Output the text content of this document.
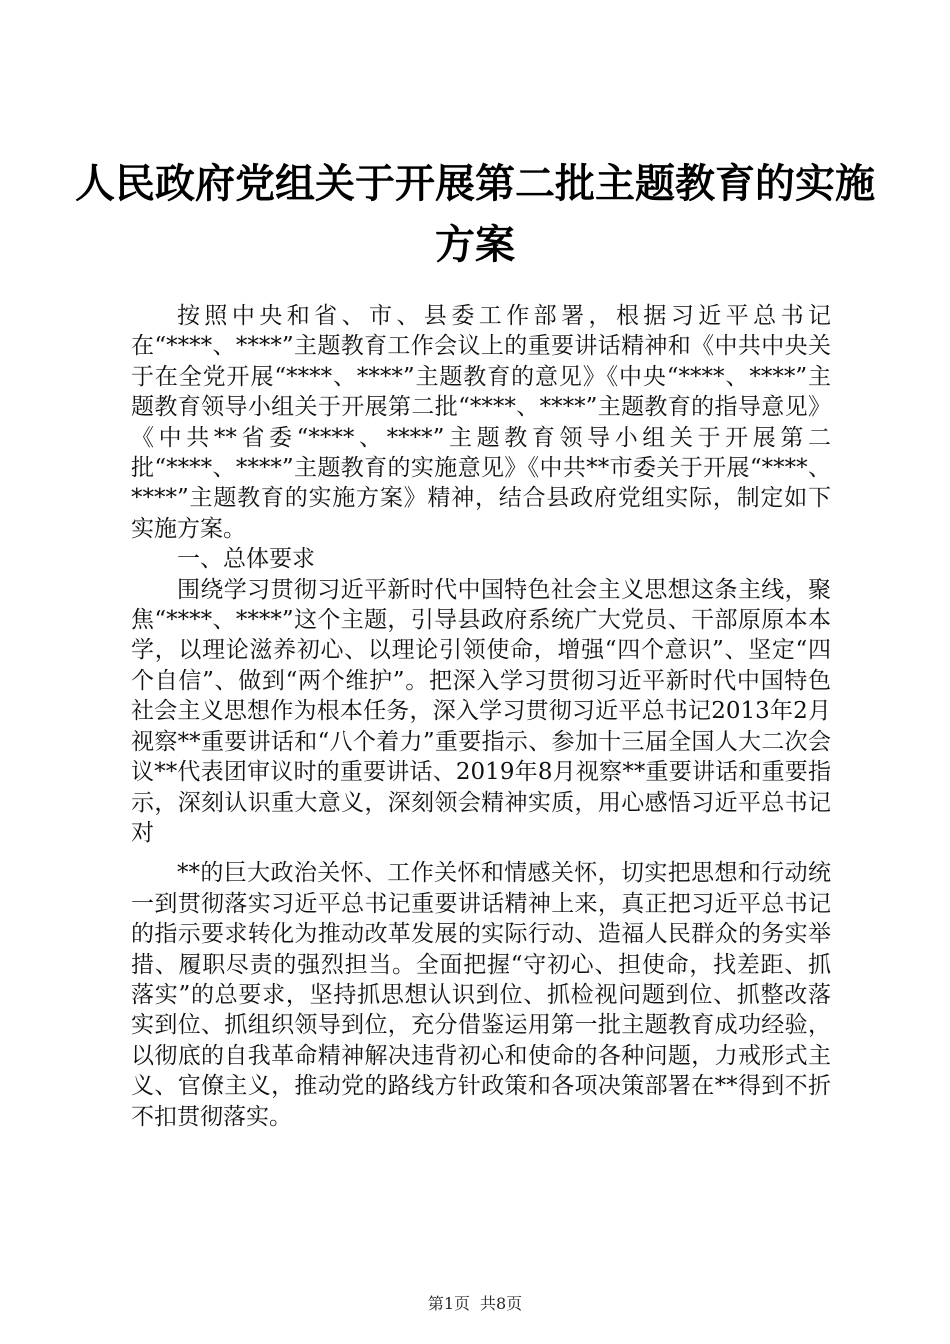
人民政府党组关于开展第二批主题教育的实施
方案

按照中央和省、市、县委工作部署，根据习近平总书记在“****、****”主题教育工作会议上的重要讲话精神和《中共中央关于在全党开展“****、****”主题教育的意见》《中央“****、****”主题教育领导小组关于开展第二批“****、****”主题教育的指导意见》《中共**省委“****、****”主题教育领导小组关于开展第二批“****、****”主题教育的实施意见》《中共**市委关于开展“****、****”主题教育的实施方案》精神，结合县政府党组实际，制定如下实施方案。

一、总体要求

围绕学习贯彻习近平新时代中国特色社会主义思想这条主线，聚焦“****、****”这个主题，引导县政府系统广大党员、干部原原本本学，以理论滋养初心、以理论引领使命，增强“四个意识”、坚定“四个自信”、做到“两个维护”。把深入学习贯彻习近平新时代中国特色社会主义思想作为根本任务，深入学习贯彻习近平总书记2013年2月视察**重要讲话和“八个着力”重要指示、参加十三届全国人大二次会议**代表团审议时的重要讲话、2019年8月视察**重要讲话和重要指示，深刻认识重大意义，深刻领会精神实质，用心感悟习近平总书记对

**的巨大政治关怀、工作关怀和情感关怀，切实把思想和行动统一到贯彻落实习近平总书记重要讲话精神上来，真正把习近平总书记的指示要求转化为推动改革发展的实际行动、造福人民群众的务实举措、履职尽责的强烈担当。全面把握“守初心、担使命，找差距、抓落实”的总要求，坚持抓思想认识到位、抓检视问题到位、抓整改落实到位、抓组织领导到位，充分借鉴运用第一批主题教育成功经验，以彻底的自我革命精神解决违背初心和使命的各种问题，力戒形式主义、官僚主义，推动党的路线方针政策和各项决策部署在**得到不折不扣贯彻落实。

第1页 共8页
